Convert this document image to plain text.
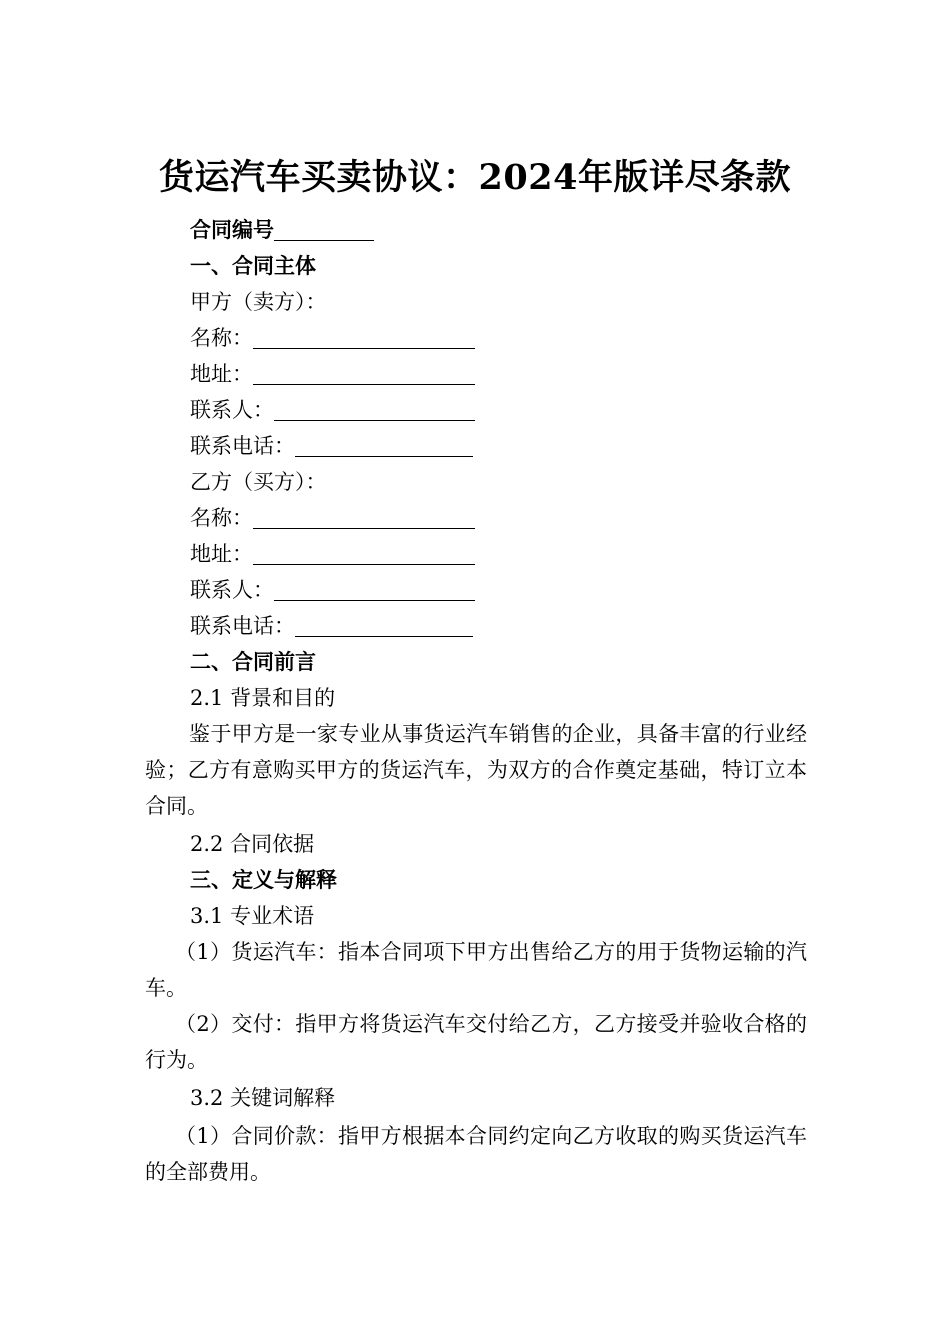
货运汽车买卖协议：2024年版详尽条款
合同编号
一、合同主体
甲方（卖方）：
名称：
地址：
联系人：
联系电话：
乙方（买方）：
名称：
地址：
联系人：
联系电话：
二、合同前言
2.1 背景和目的
鉴于甲方是一家专业从事货运汽车销售的企业，具备丰富的行业经验；乙方有意购买甲方的货运汽车，为双方的合作奠定基础，特订立本合同。
2.2 合同依据
三、定义与解释
3.1 专业术语
（1）货运汽车：指本合同项下甲方出售给乙方的用于货物运输的汽车。
（2）交付：指甲方将货运汽车交付给乙方，乙方接受并验收合格的行为。
3.2 关键词解释
（1）合同价款：指甲方根据本合同约定向乙方收取的购买货运汽车的全部费用。
